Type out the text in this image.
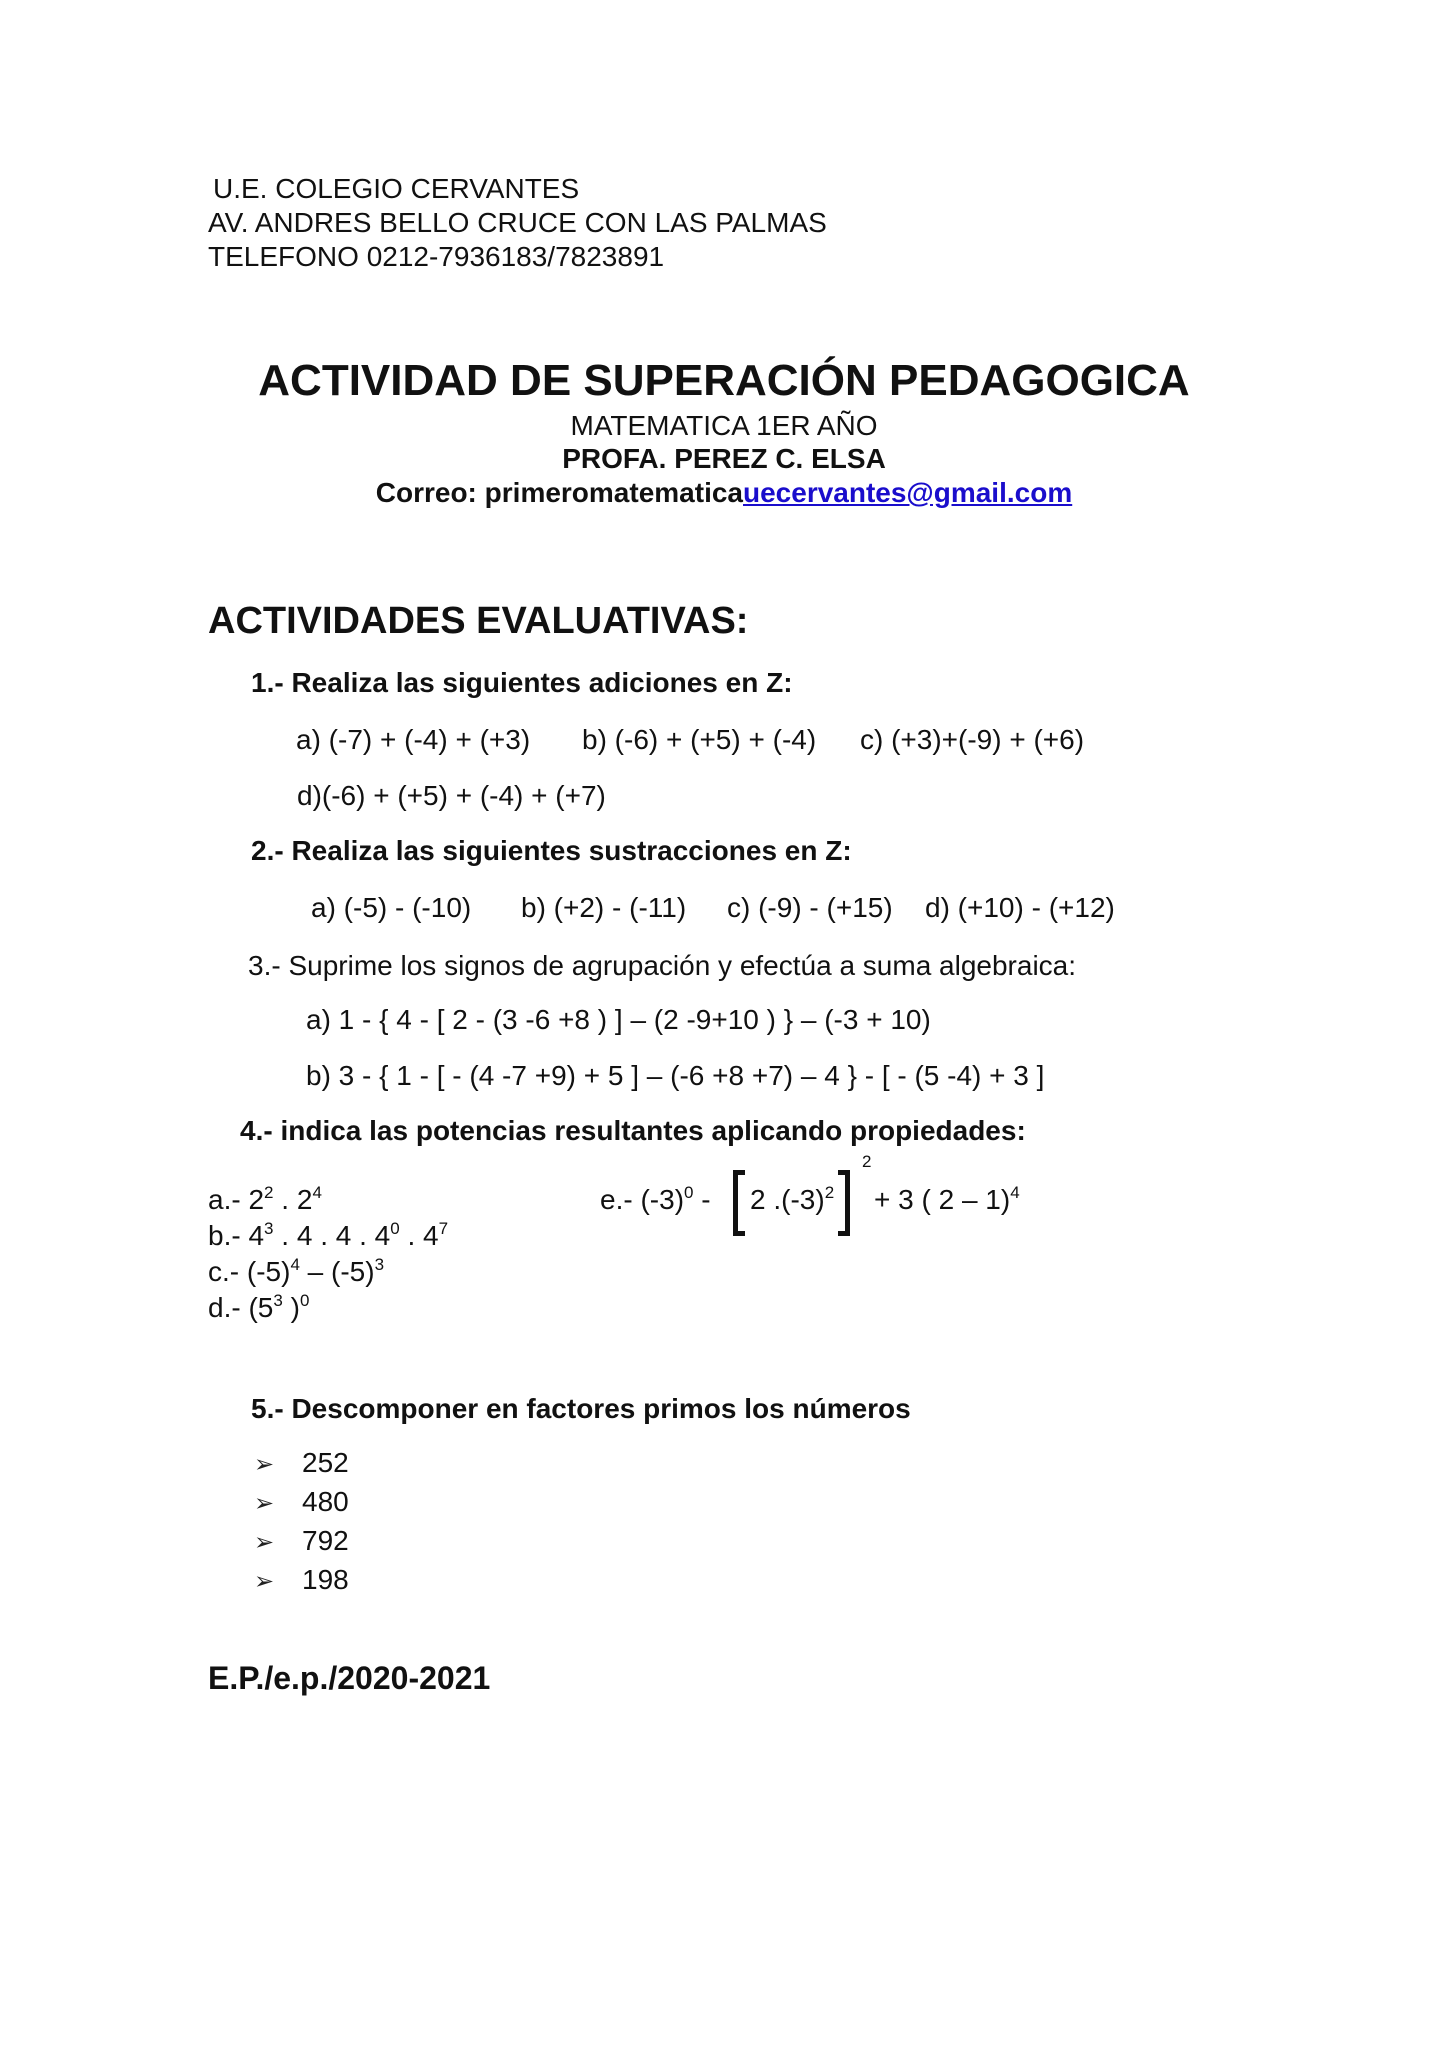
U.E. COLEGIO CERVANTES
AV. ANDRES BELLO CRUCE CON LAS PALMAS
TELEFONO 0212-7936183/7823891
ACTIVIDAD DE SUPERACIÓN PEDAGOGICA
MATEMATICA 1ER AÑO
PROFA. PEREZ C. ELSA
Correo: primeromatematicauecervantes@gmail.com
ACTIVIDADES EVALUATIVAS:
1.- Realiza las siguientes adiciones en Z:
a) (-7) + (-4) + (+3) b) (-6) + (+5) + (-4) c) (+3)+(-9) + (+6)
d)(-6) + (+5) + (-4) + (+7)
2.- Realiza las siguientes sustracciones en Z:
a) (-5) - (-10) b) (+2) - (-11) c) (-9) - (+15) d) (+10) - (+12)
3.- Suprime los signos de agrupación y efectúa a suma algebraica:
a) 1 - { 4 - [ 2 - (3 -6 +8 ) ] – (2 -9+10 ) } – (-3 + 10)
b) 3 - { 1 - [ - (4 -7 +9) + 5 ] – (-6 +8 +7) – 4 } - [ - (5 -4) + 3 ]
4.- indica las potencias resultantes aplicando propiedades:
a.- $2^2$ . $2^4$
b.- $4^3$ . 4 . 4 . $4^0$ . $4^7$
c.- $(-5)^4 - (-5)^3$
d.- ($5^3$ )$^0$
e.- $(-3)^0 - 2$ $.(-3)^2$
2
+ 3 ( 2 – 1)$^4$
5.- Descomponer en factores primos los números
➢ 252
➢ 480
➢ 792
➢ 198
E.P./e.p./2020-2021
